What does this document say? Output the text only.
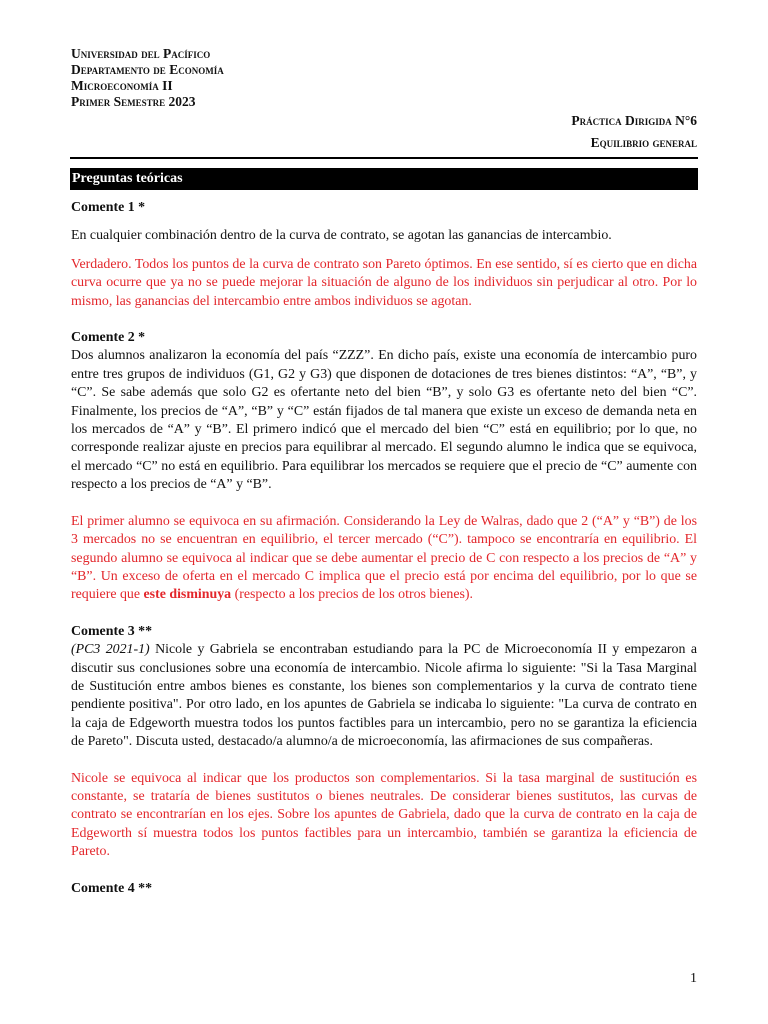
Universidad del Pacífico
Departamento de Economía
Microeconomía II
Primer Semestre 2023
Práctica Dirigida N°6
Equilibrio general
Preguntas teóricas
Comente 1 *

En cualquier combinación dentro de la curva de contrato, se agotan las ganancias de intercambio.

Verdadero. Todos los puntos de la curva de contrato son Pareto óptimos. En ese sentido, sí es cierto que en dicha curva ocurre que ya no se puede mejorar la situación de alguno de los individuos sin perjudicar al otro. Por lo mismo, las ganancias del intercambio entre ambos individuos se agotan.

Comente 2 *

Dos alumnos analizaron la economía del país “ZZZ”. En dicho país, existe una economía de intercambio puro entre tres grupos de individuos (G1, G2 y G3) que disponen de dotaciones de tres bienes distintos: “A”, “B”, y “C”. Se sabe además que solo G2 es ofertante neto del bien “B”, y solo G3 es ofertante neto del bien “C”. Finalmente, los precios de “A”, “B” y “C” están fijados de tal manera que existe un exceso de demanda neta en los mercados de “A” y “B”. El primero indicó que el mercado del bien “C” está en equilibrio; por lo que, no corresponde realizar ajuste en precios para equilibrar al mercado. El segundo alumno le indica que se equivoca, el mercado “C” no está en equilibrio. Para equilibrar los mercados se requiere que el precio de “C” aumente con respecto a los precios de “A” y “B”.

El primer alumno se equivoca en su afirmación. Considerando la Ley de Walras, dado que 2 (“A” y “B”) de los 3 mercados no se encuentran en equilibrio, el tercer mercado (“C”). tampoco se encontraría en equilibrio. El segundo alumno se equivoca al indicar que se debe aumentar el precio de C con respecto a los precios de “A” y “B”. Un exceso de oferta en el mercado C implica que el precio está por encima del equilibrio, por lo que se requiere que este disminuya (respecto a los precios de los otros bienes).

Comente 3 **

(PC3 2021-1) Nicole y Gabriela se encontraban estudiando para la PC de Microeconomía II y empezaron a discutir sus conclusiones sobre una economía de intercambio. Nicole afirma lo siguiente: "Si la Tasa Marginal de Sustitución entre ambos bienes es constante, los bienes son complementarios y la curva de contrato tiene pendiente positiva". Por otro lado, en los apuntes de Gabriela se indicaba lo siguiente: "La curva de contrato en la caja de Edgeworth muestra todos los puntos factibles para un intercambio, pero no se garantiza la eficiencia de Pareto". Discuta usted, destacado/a alumno/a de microeconomía, las afirmaciones de sus compañeras.

Nicole se equivoca al indicar que los productos son complementarios. Si la tasa marginal de sustitución es constante, se trataría de bienes sustitutos o bienes neutrales. De considerar bienes sustitutos, las curvas de contrato se encontrarían en los ejes. Sobre los apuntes de Gabriela, dado que la curva de contrato en la caja de Edgeworth sí muestra todos los puntos factibles para un intercambio, también se garantiza la eficiencia de Pareto.

Comente 4 **
1
